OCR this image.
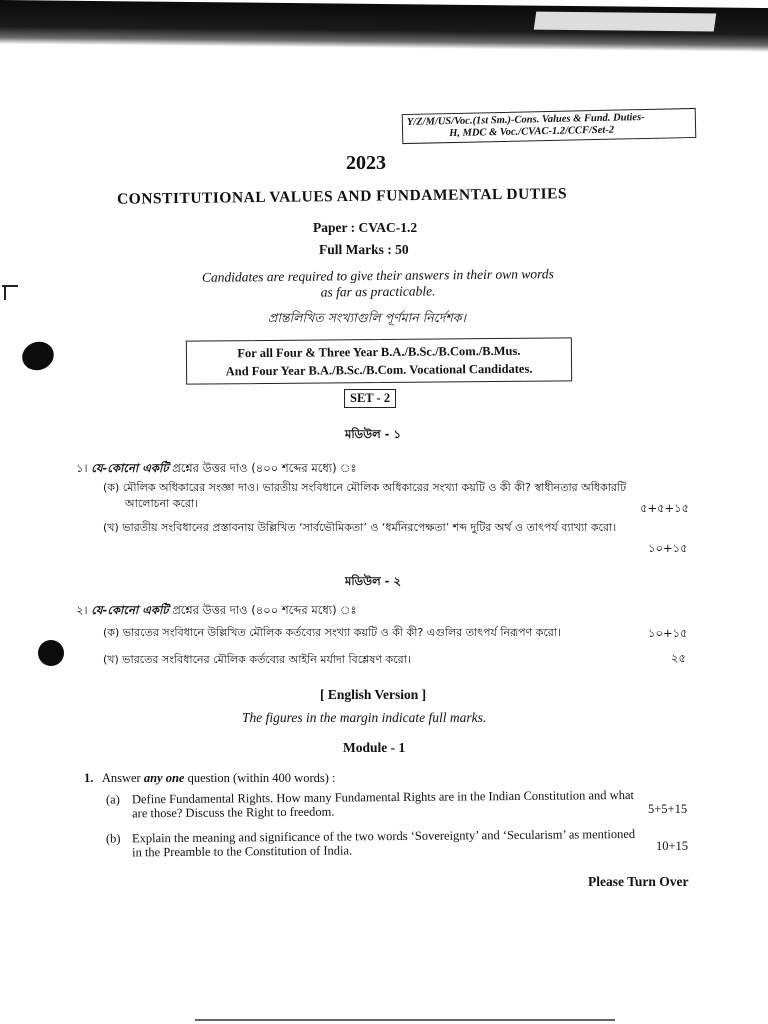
Y/Z/M/US/Voc.(1st Sm.)-Cons. Values & Fund. Duties-
H, MDC & Voc./CVAC-1.2/CCF/Set-2
2023
CONSTITUTIONAL VALUES AND FUNDAMENTAL DUTIES
Paper : CVAC-1.2
Full Marks : 50
Candidates are required to give their answers in their own words
as far as practicable.
প্রান্তলিখিত সংখ্যাগুলি পূর্ণমান নির্দেশক।
For all Four & Three Year B.A./B.Sc./B.Com./B.Mus.
And Four Year B.A./B.Sc./B.Com. Vocational Candidates.
SET - 2
মডিউল - ১
১। যে-কোনো একটি প্রশ্নের উত্তর দাও (৪০০ শব্দের মধ্যে) ঃ
(ক) মৌলিক অধিকারের সংজ্ঞা দাও। ভারতীয় সংবিধানে মৌলিক অধিকারের সংখ্যা কয়টি ও কী কী? স্বাধীনতার অধিকারটি
আলোচনা করো।	৫+৫+১৫
(খ) ভারতীয় সংবিধানের প্রস্তাবনায় উল্লিখিত ‘সার্বভৌমিকতা’ ও ‘ধর্মনিরপেক্ষতা’ শব্দ দুটির অর্থ ও তাৎপর্য ব্যাখ্যা করো।
১০+১৫
মডিউল - ২
২। যে-কোনো একটি প্রশ্নের উত্তর দাও (৪০০ শব্দের মধ্যে) ঃ
(ক) ভারতের সংবিধানে উল্লিখিত মৌলিক কর্তব্যের সংখ্যা কয়টি ও কী কী? এগুলির তাৎপর্য নিরূপণ করো।	১০+১৫
(খ) ভারতের সংবিধানের মৌলিক কর্তব্যের আইনি মর্যাদা বিশ্লেষণ করো।	২৫
[ English Version ]
The figures in the margin indicate full marks.
Module - 1
1. Answer any one question (within 400 words) :
(a) Define Fundamental Rights. How many Fundamental Rights are in the Indian Constitution and what
are those? Discuss the Right to freedom.	5+5+15
(b) Explain the meaning and significance of the two words ‘Sovereignty’ and ‘Secularism’ as mentioned
in the Preamble to the Constitution of India.	10+15
Please Turn Over
